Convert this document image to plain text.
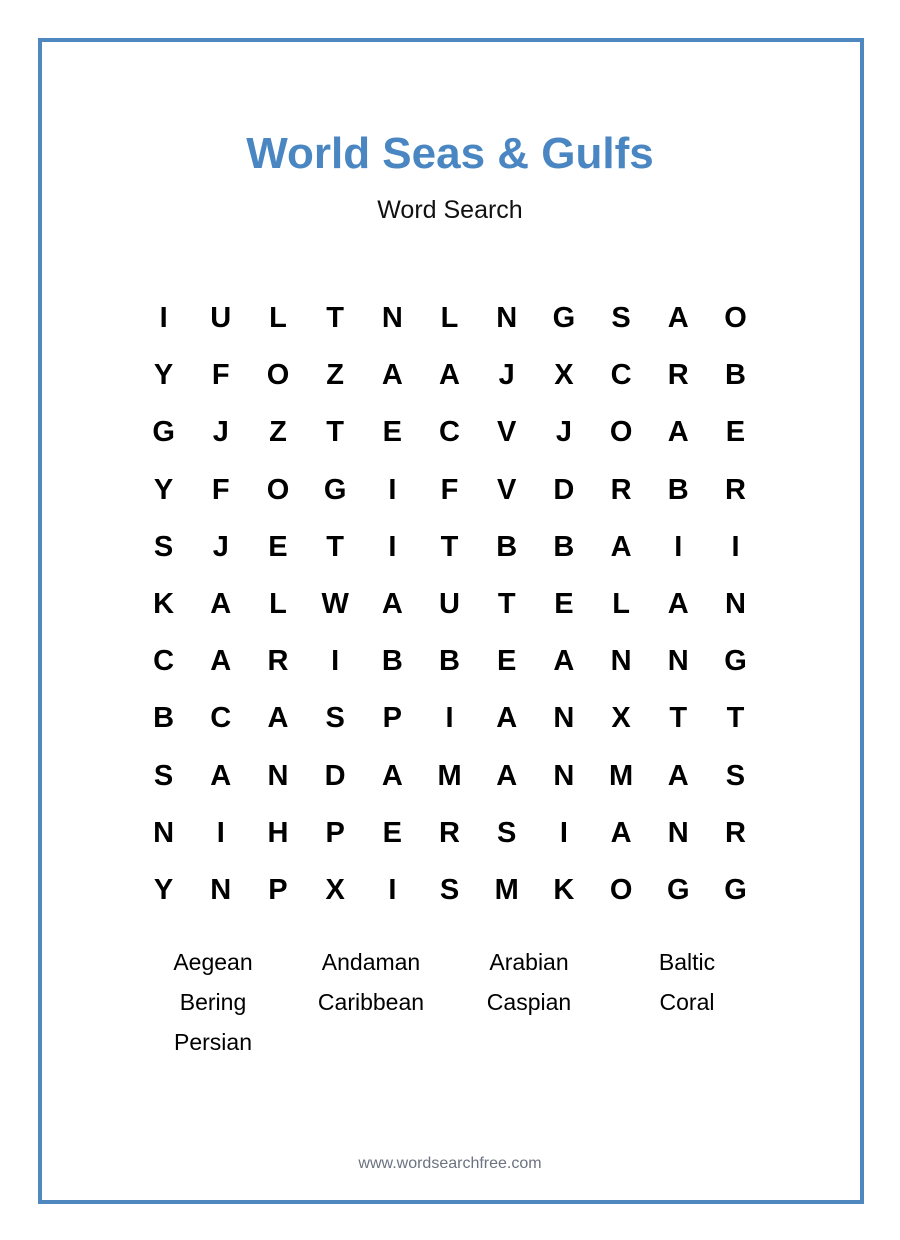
World Seas & Gulfs
Word Search
I	U	L	T	N	L	N	G	S	A	O
Y	F	O	Z	A	A	J	X	C	R	B
G	J	Z	T	E	C	V	J	O	A	E
Y	F	O	G	I	F	V	D	R	B	R
S	J	E	T	I	T	B	B	A	I	I
K	A	L	W	A	U	T	E	L	A	N
C	A	R	I	B	B	E	A	N	N	G
B	C	A	S	P	I	A	N	X	T	T
S	A	N	D	A	M	A	N	M	A	S
N	I	H	P	E	R	S	I	A	N	R
Y	N	P	X	I	S	M	K	O	G	G
Aegean	Andaman	Arabian	Baltic
Bering	Caribbean	Caspian	Coral
Persian
www.wordsearchfree.com
